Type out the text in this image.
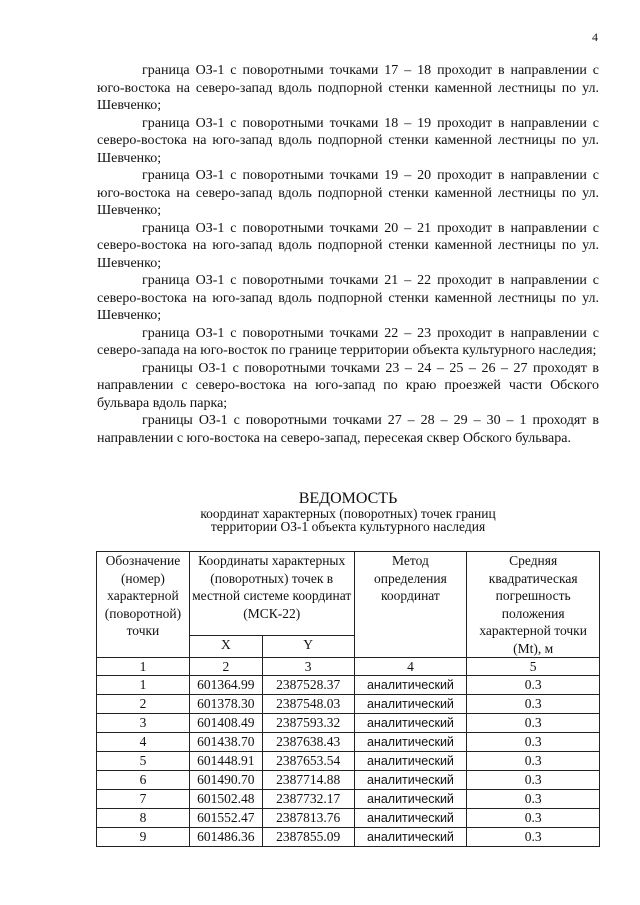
4

граница ОЗ-1 с поворотными точками 17 – 18 проходит в направлении с юго-востока на северо-запад вдоль подпорной стенки каменной лестницы по ул. Шевченко;

граница ОЗ-1 с поворотными точками 18 – 19 проходит в направлении с северо-востока на юго-запад вдоль подпорной стенки каменной лестницы по ул. Шевченко;

граница ОЗ-1 с поворотными точками 19 – 20 проходит в направлении с юго-востока на северо-запад вдоль подпорной стенки каменной лестницы по ул. Шевченко;

граница ОЗ-1 с поворотными точками 20 – 21 проходит в направлении с северо-востока на юго-запад вдоль подпорной стенки каменной лестницы по ул. Шевченко;

граница ОЗ-1 с поворотными точками 21 – 22 проходит в направлении с северо-востока на юго-запад вдоль подпорной стенки каменной лестницы по ул. Шевченко;

граница ОЗ-1 с поворотными точками 22 – 23 проходит в направлении с северо-запада на юго-восток по границе территории объекта культурного наследия;

границы ОЗ-1 с поворотными точками 23 – 24 – 25 – 26 – 27 проходят в направлении с северо-востока на юго-запад по краю проезжей части Обского бульвара вдоль парка;

границы ОЗ-1 с поворотными точками 27 – 28 – 29 – 30 – 1 проходят в направлении с юго-востока на северо-запад, пересекая сквер Обского бульвара.

ВЕДОМОСТЬ

координат характерных (поворотных) точек границ

территории ОЗ-1 объекта культурного наследия

Обозначение (номер) характерной (поворотной) точки	Координаты характерных (поворотных) точек в местной системе координат (МСК-22)		Метод определения координат	Средняя квадратическая погрешность положения характерной точки (Mt), м
	X	Y		
1	2	3	4	5
1	601364.99	2387528.37	аналитический	0.3
2	601378.30	2387548.03	аналитический	0.3
3	601408.49	2387593.32	аналитический	0.3
4	601438.70	2387638.43	аналитический	0.3
5	601448.91	2387653.54	аналитический	0.3
6	601490.70	2387714.88	аналитический	0.3
7	601502.48	2387732.17	аналитический	0.3
8	601552.47	2387813.76	аналитический	0.3
9	601486.36	2387855.09	аналитический	0.3
